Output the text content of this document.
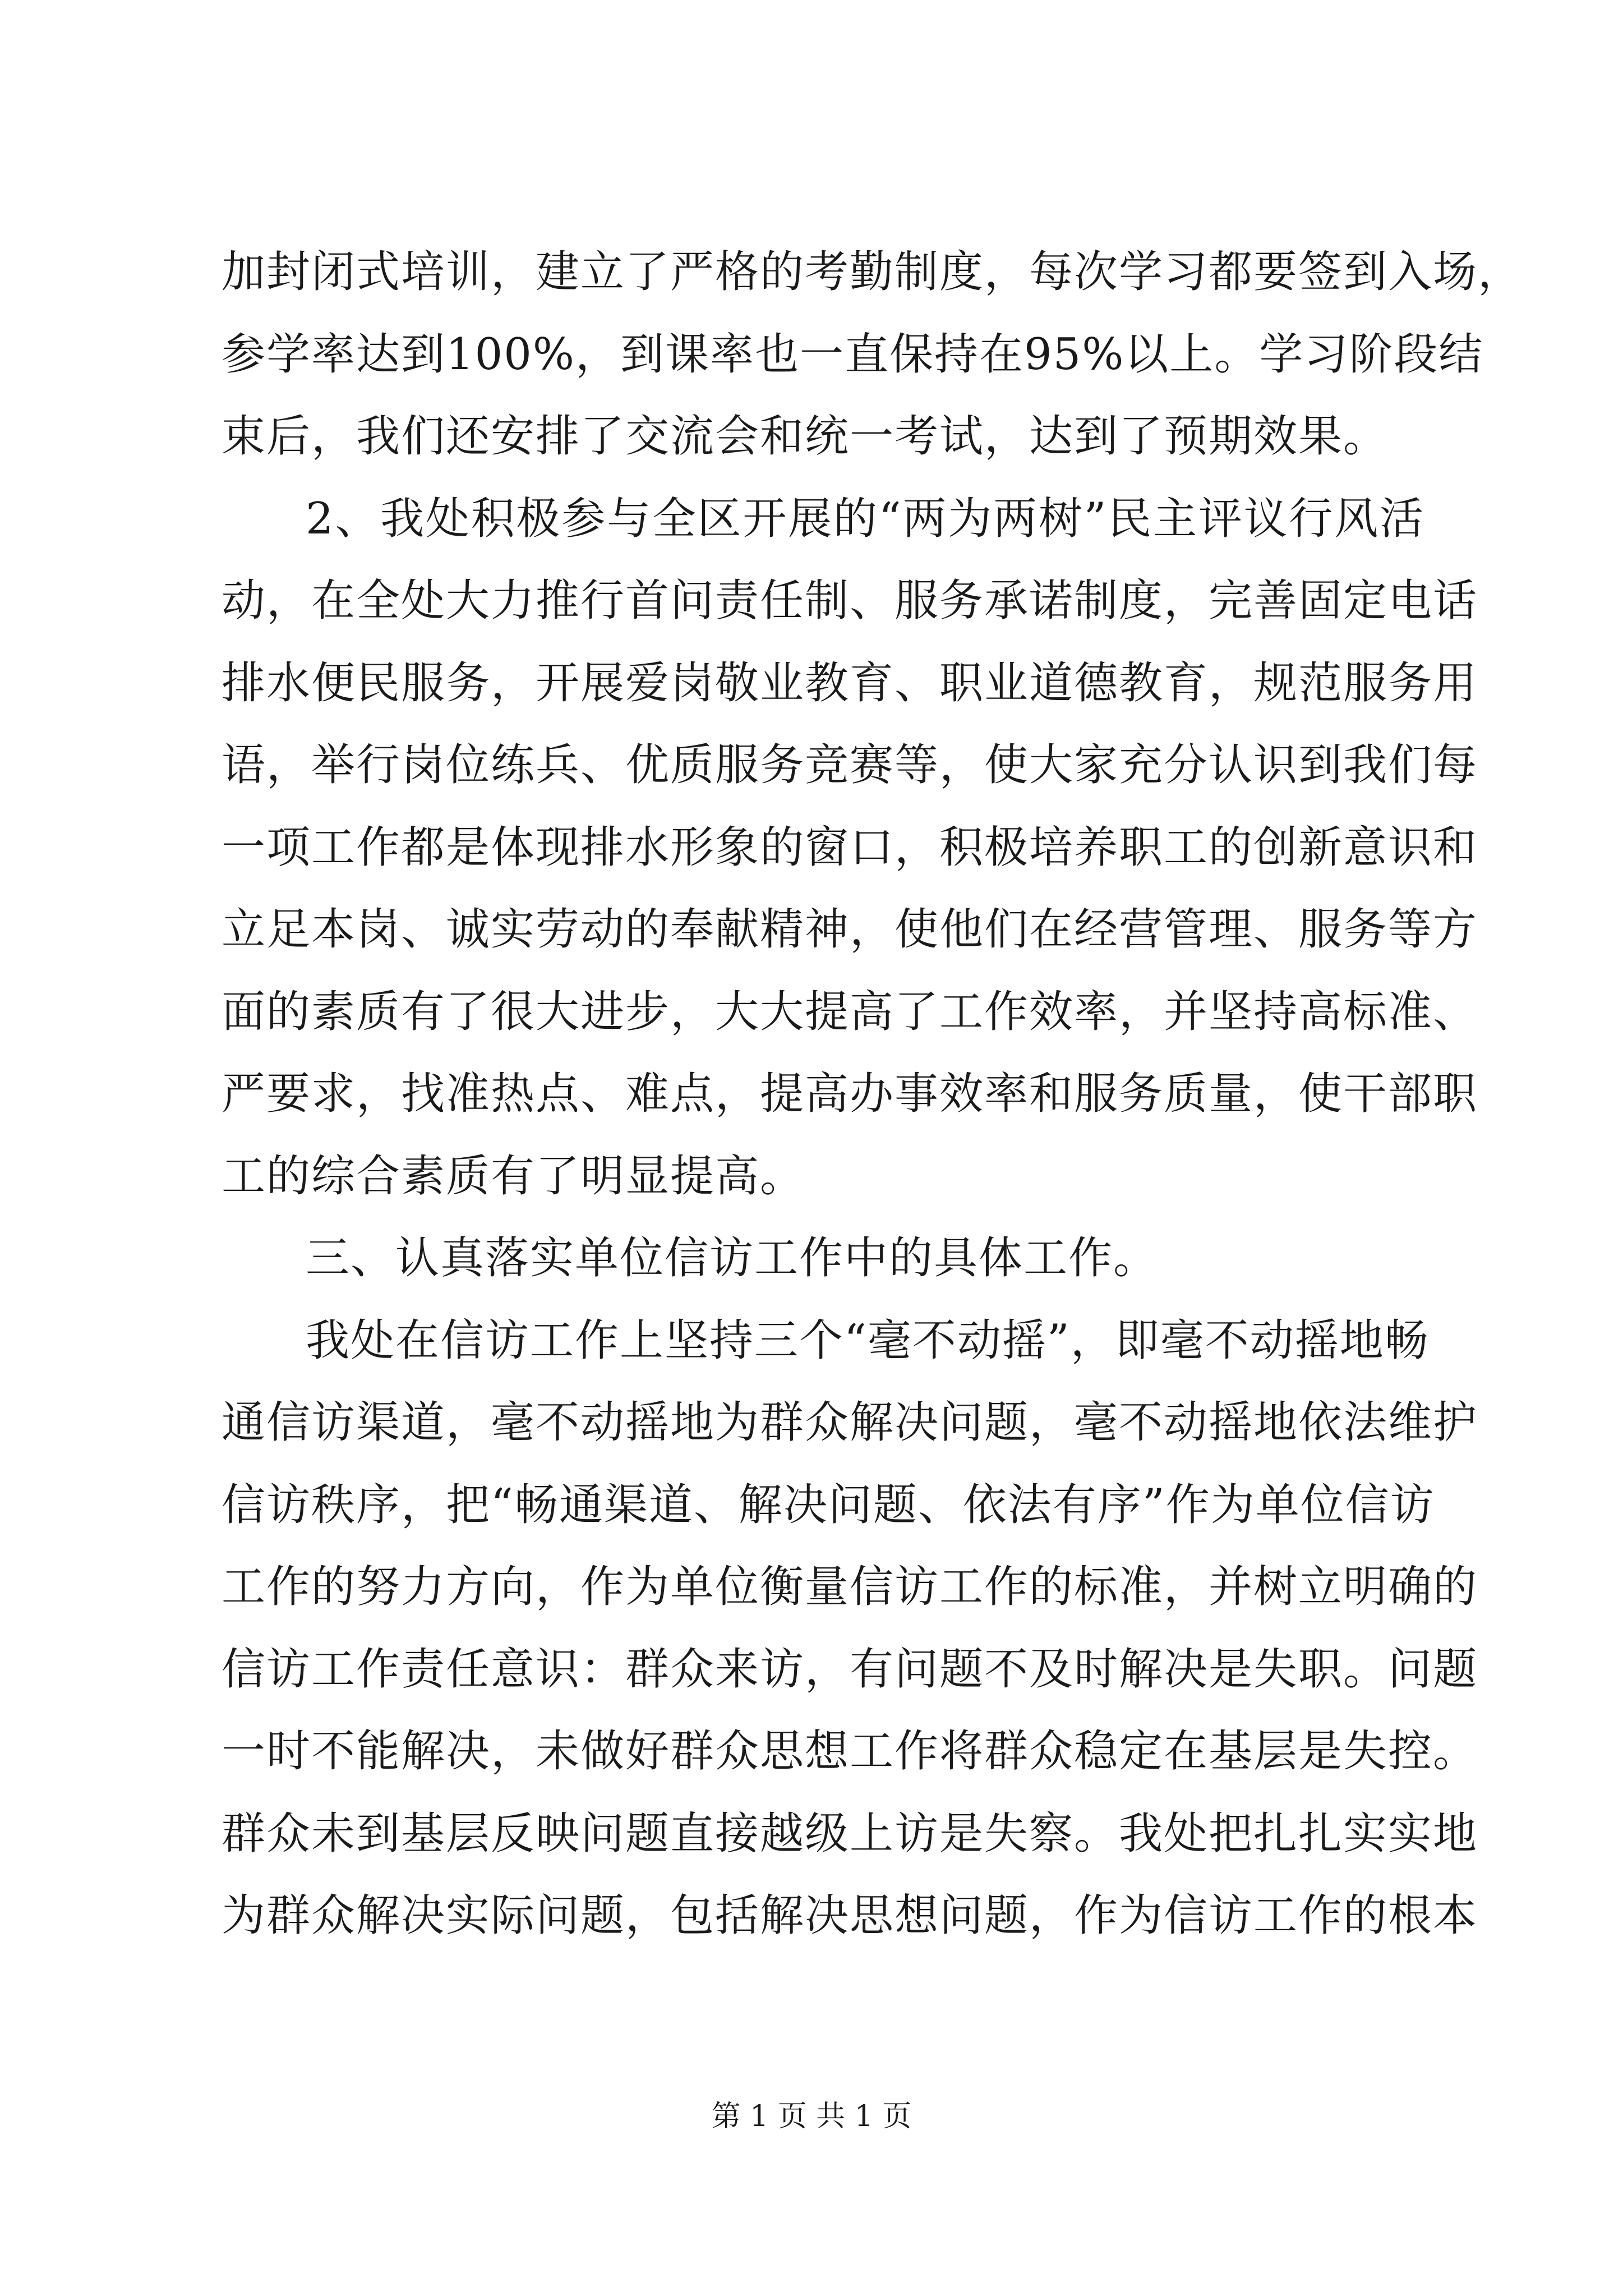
加封闭式培训，建立了严格的考勤制度，每次学习都要签到入场，
参学率达到100%，到课率也一直保持在95%以上。学习阶段结
束后，我们还安排了交流会和统一考试，达到了预期效果。
2、我处积极参与全区开展的“两为两树”民主评议行风活
动，在全处大力推行首问责任制、服务承诺制度，完善固定电话
排水便民服务，开展爱岗敬业教育、职业道德教育，规范服务用
语，举行岗位练兵、优质服务竞赛等，使大家充分认识到我们每
一项工作都是体现排水形象的窗口，积极培养职工的创新意识和
立足本岗、诚实劳动的奉献精神，使他们在经营管理、服务等方
面的素质有了很大进步，大大提高了工作效率，并坚持高标准、
严要求，找准热点、难点，提高办事效率和服务质量，使干部职
工的综合素质有了明显提高。
三、认真落实单位信访工作中的具体工作。
我处在信访工作上坚持三个“毫不动摇”，即毫不动摇地畅
通信访渠道，毫不动摇地为群众解决问题，毫不动摇地依法维护
信访秩序，把“畅通渠道、解决问题、依法有序”作为单位信访
工作的努力方向，作为单位衡量信访工作的标准，并树立明确的
信访工作责任意识：群众来访，有问题不及时解决是失职。问题
一时不能解决，未做好群众思想工作将群众稳定在基层是失控。
群众未到基层反映问题直接越级上访是失察。我处把扎扎实实地
为群众解决实际问题，包括解决思想问题，作为信访工作的根本
第 1 页 共 1 页
